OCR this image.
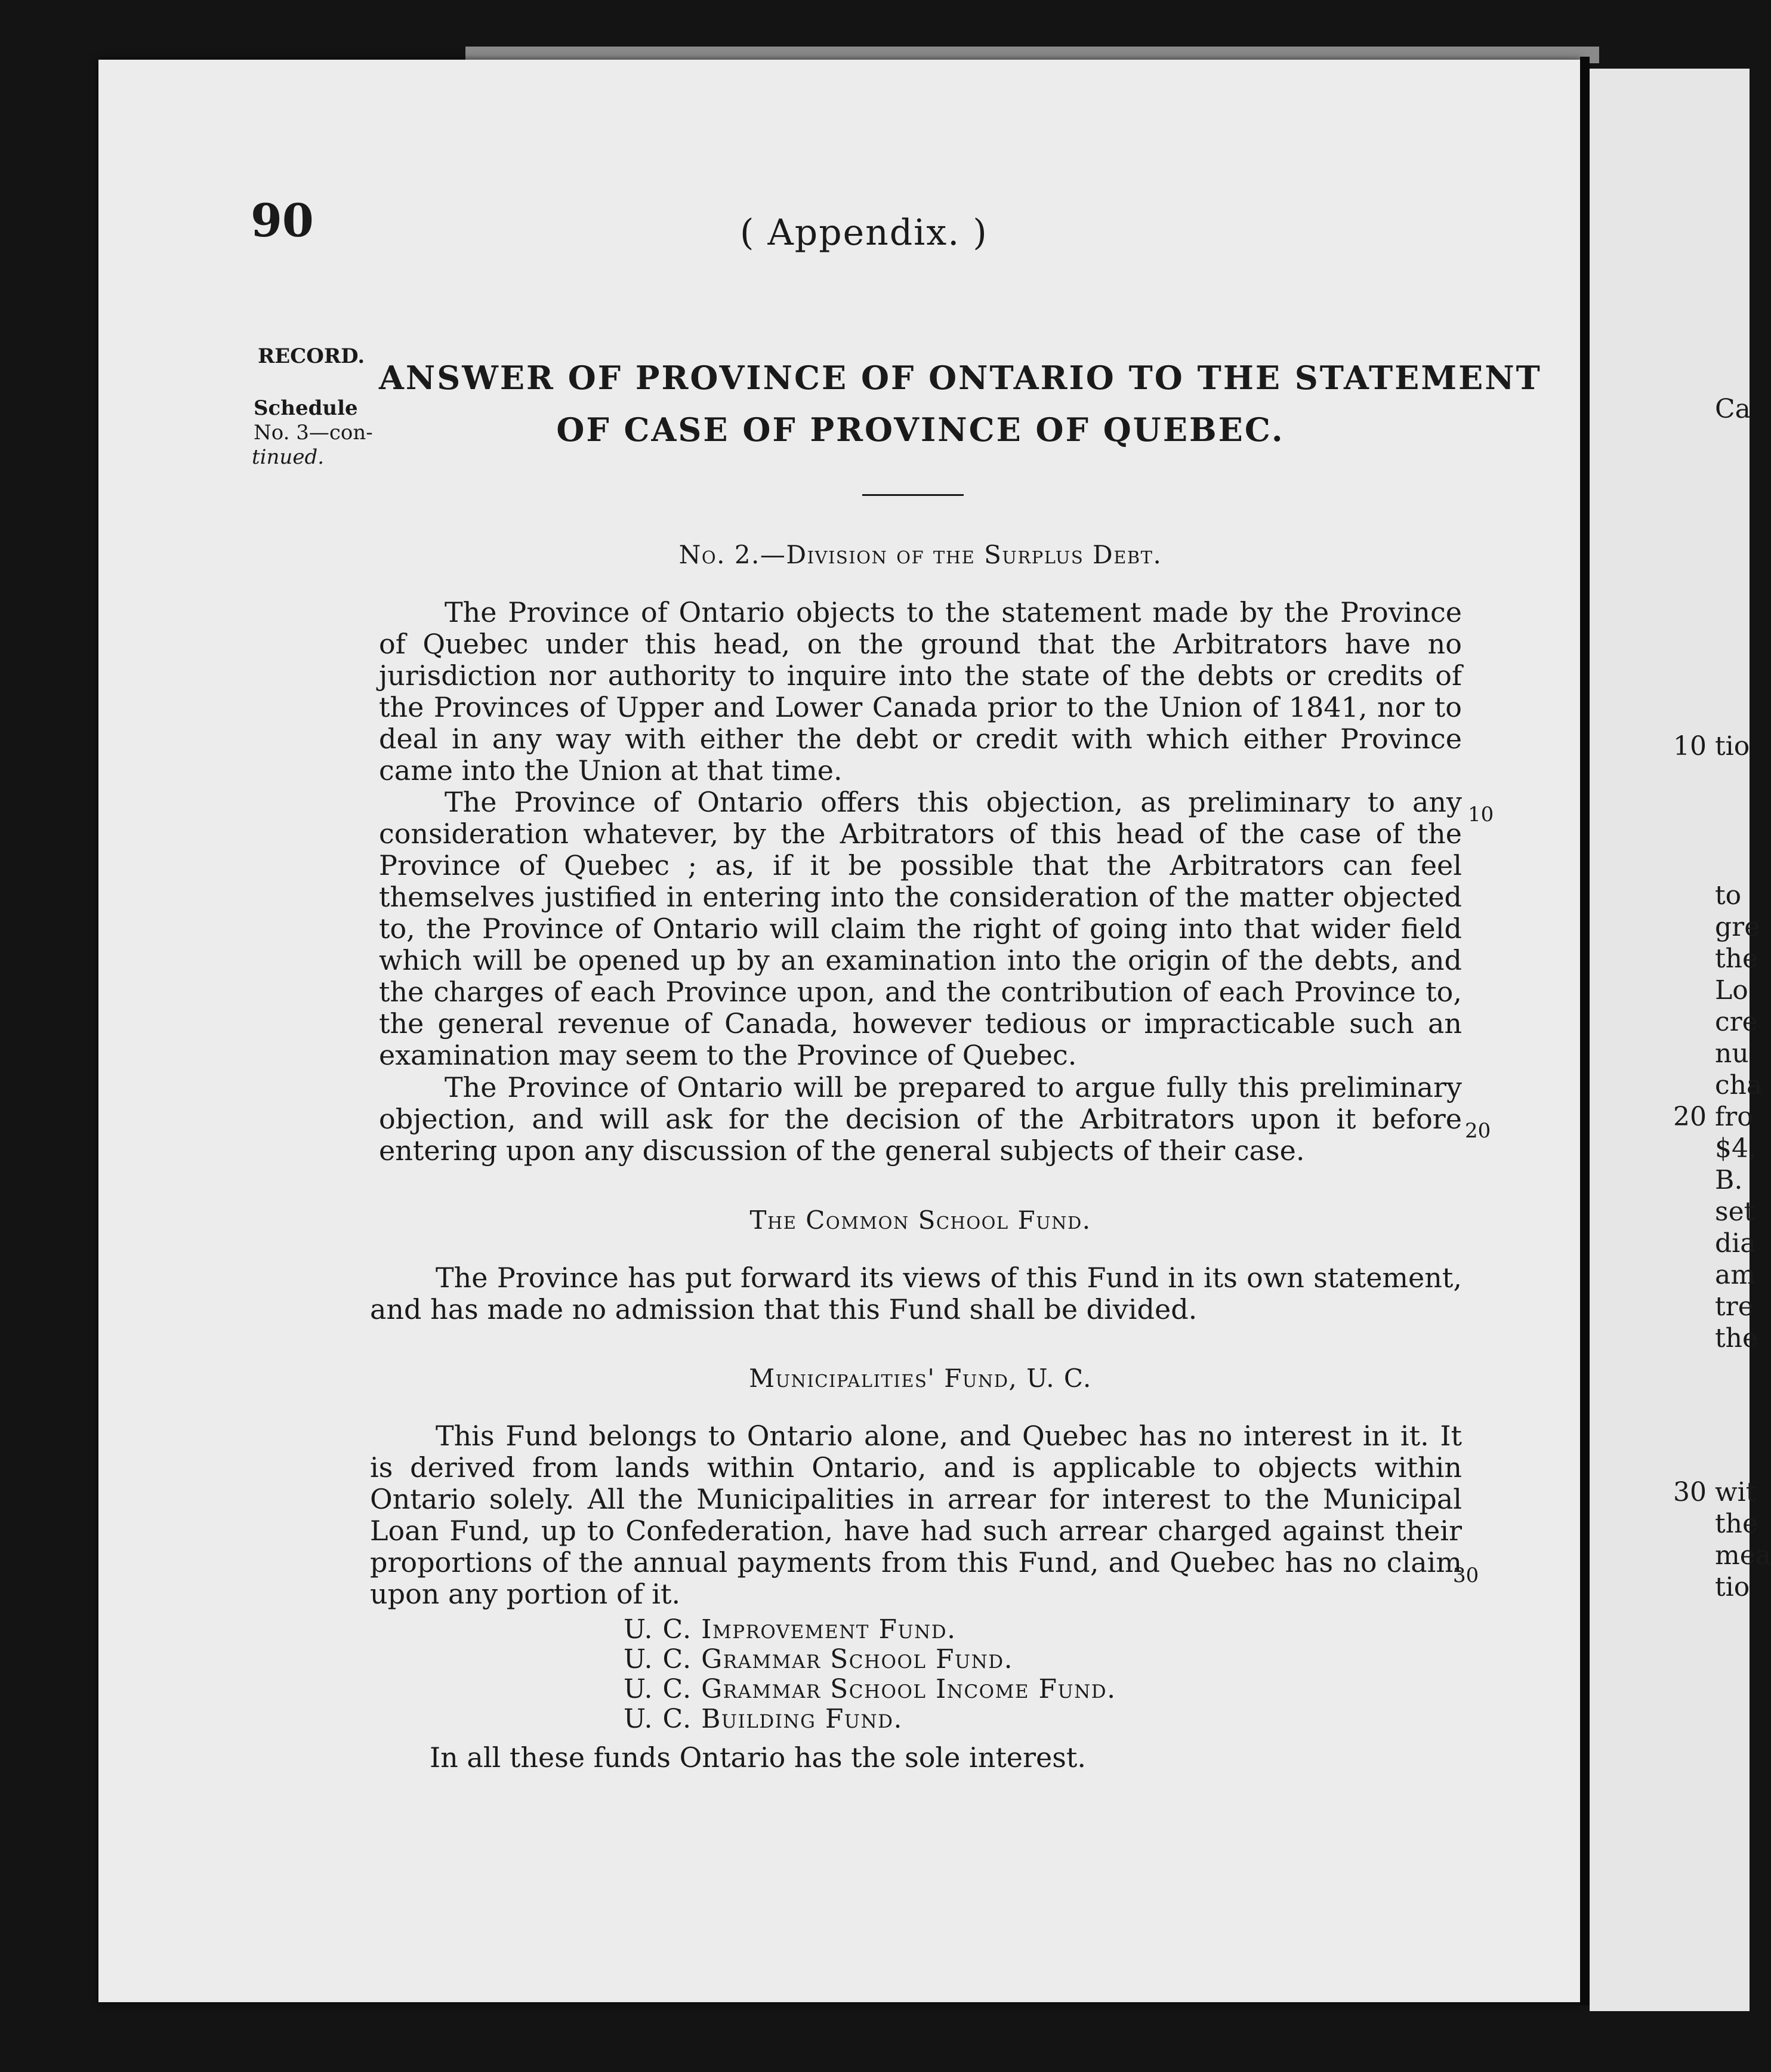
Ca
10 tio
to
gre
the
Lo
cre
nu
cha
20 fro
$4,
B.
set
dia
am
tre
the
30 wit
the
mea
tio
90	( Appendix. )
RECORD.
Schedule
No. 3—con-
tinued.
ANSWER OF PROVINCE OF ONTARIO TO THE STATEMENT
OF CASE OF PROVINCE OF QUEBEC.
No. 2.—Division of the Surplus Debt.
The Province of Ontario objects to the statement made by the Province of Quebec under this head, on the ground that the Arbitrators have no jurisdiction nor authority to inquire into the state of the debts or credits of the Provinces of Upper and Lower Canada prior to the Union of 1841, nor to deal in any way with either the debt or credit with which either Province came into the Union at that time.
The Province of Ontario offers this objection, as preliminary to any consideration whatever, by the Arbitrators of this head of the case of the Province of Quebec ; as, if it be possible that the Arbitrators can feel themselves justified in entering into the consideration of the matter objected to, the Province of Ontario will claim the right of going into that wider field which will be opened up by an examination into the origin of the debts, and the charges of each Province upon, and the contribution of each Province to, the general revenue of Canada, however tedious or impracticable such an examination may seem to the Province of Quebec.
The Province of Ontario will be prepared to argue fully this preliminary objection, and will ask for the decision of the Arbitrators upon it before entering upon any discussion of the general subjects of their case.
The Common School Fund.
The Province has put forward its views of this Fund in its own statement, and has made no admission that this Fund shall be divided.
Municipalities' Fund, U. C.
This Fund belongs to Ontario alone, and Quebec has no interest in it. It is derived from lands within Ontario, and is applicable to objects within Ontario solely. All the Municipalities in arrear for interest to the Municipal Loan Fund, up to Confederation, have had such arrear charged against their proportions of the annual payments from this Fund, and Quebec has no claim upon any portion of it.
U. C. Improvement Fund.
U. C. Grammar School Fund.
U. C. Grammar School Income Fund.
U. C. Building Fund.
In all these funds Ontario has the sole interest.
10
20
30
